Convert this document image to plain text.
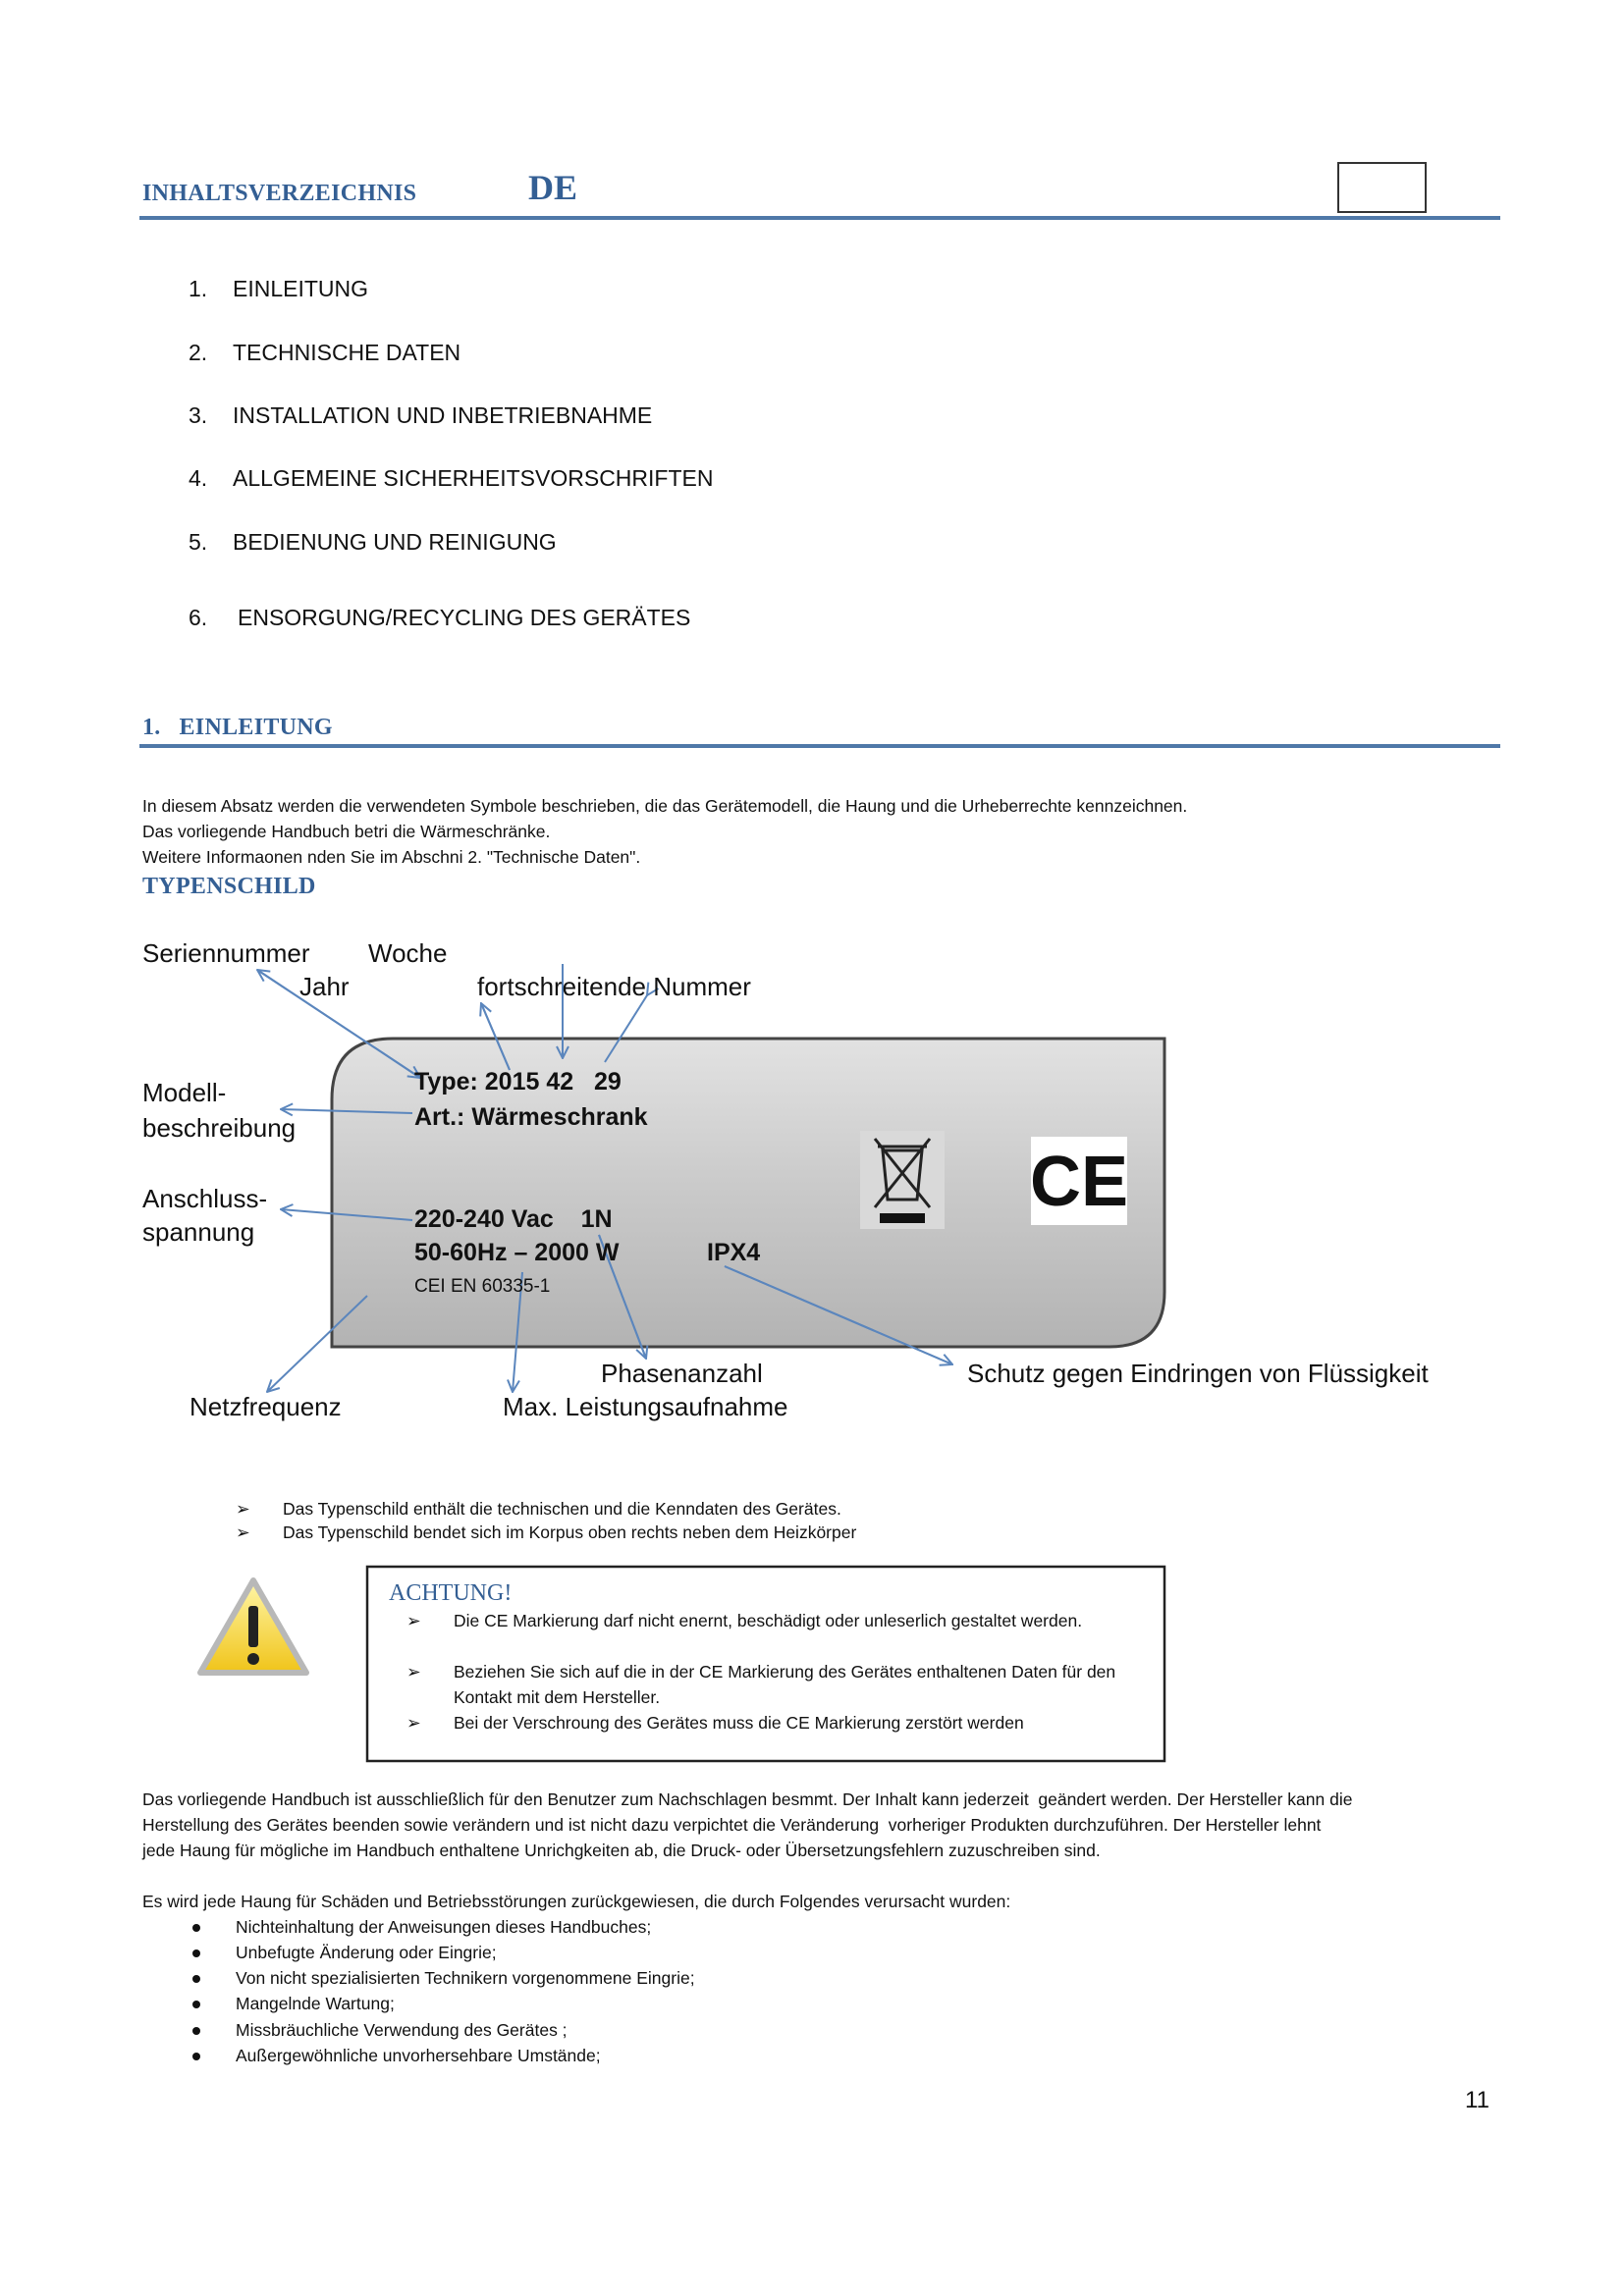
INHALTSVERZEICHNIS	DE
1. EINLEITUNG
2. TECHNISCHE DATEN
3. INSTALLATION UND INBETRIEBNAHME
4. ALLGEMEINE SICHERHEITSVORSCHRIFTEN
5. BEDIENUNG UND REINIGUNG
6. ENSORGUNG/RECYCLING DES GERÄTES
1.   EINLEITUNG
In diesem Absatz werden die verwendeten Symbole beschrieben, die das Gerätemodell, die Haung und die Urheberrechte kennzeichnen.
Das vorliegende Handbuch betri die Wärmeschränke.
Weitere Informaonen nden Sie im Abschni 2. "Technische Daten".
TYPENSCHILD
CE
Seriennummer Woche
Jahr	fortschreitende Nummer
Modell-
beschreibung
Anschluss-
spannung
Phasenanzahl	Schutz gegen Eindringen von Flüssigkeit
Netzfrequenz	Max. Leistungsaufnahme
Type: 2015 42   29
Art.: Wärmeschrank
220-240 Vac    1N
50-60Hz – 2000 W	IPX4
CEI EN 60335-1
➢ Das Typenschild enthält die technischen und die Kenndaten des Gerätes.
➢ Das Typenschild bendet sich im Korpus oben rechts neben dem Heizkörper
ACHTUNG!
➢	Die CE Markierung darf nicht enernt, beschädigt oder unleserlich gestaltet werden.
➢	Beziehen Sie sich auf die in der CE Markierung des Gerätes enthaltenen Daten für den Kontakt mit dem Hersteller.
➢	Bei der Verschroung des Gerätes muss die CE Markierung zerstört werden
Das vorliegende Handbuch ist ausschließlich für den Benutzer zum Nachschlagen besmmt. Der Inhalt kann jederzeit  geändert werden. Der Hersteller kann die
Herstellung des Gerätes beenden sowie verändern und ist nicht dazu verpichtet die Veränderung  vorheriger Produkten durchzuführen. Der Hersteller lehnt
jede Haung für mögliche im Handbuch enthaltene Unrichgkeiten ab, die Druck- oder Übersetzungsfehlern zuzuschreiben sind.
Es wird jede Haung für Schäden und Betriebsstörungen zurückgewiesen, die durch Folgendes verursacht wurden:
Nichteinhaltung der Anweisungen dieses Handbuches;
Unbefugte Änderung oder Eingrie;
Von nicht spezialisierten Technikern vorgenommene Eingrie;
Mangelnde Wartung;
Missbräuchliche Verwendung des Gerätes ;
Außergewöhnliche unvorhersehbare Umstände;
11
